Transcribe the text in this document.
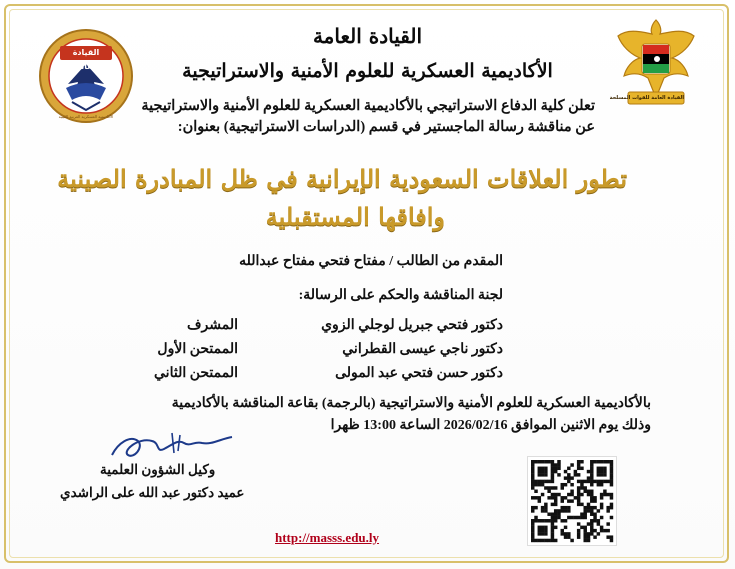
القيادة العامة
الأكاديمية العسكرية العربية الليبية
القيادة العامة للقوات المسلحة
القيادة العامة
الأكاديمية العسكرية للعلوم الأمنية والاستراتيجية
تعلن كلية الدفاع الاستراتيجي بالأكاديمية العسكرية للعلوم الأمنية والاستراتيجية
عن مناقشة رسالة الماجستير في قسم (الدراسات الاستراتيجية) بعنوان:
تطور العلاقات السعودية الإيرانية في ظل المبادرة الصينية
وافاقها المستقبلية
المقدم من الطالب / مفتاح فتحي مفتاح عبدالله
لجنة المناقشة والحكم على الرسالة:
دكتور فتحي جبريل لوجلي الزوي
المشرف
دكتور ناجي عيسى القطراني
الممتحن الأول
دكتور حسن فتحي عبد المولى
الممتحن الثاني
بالأكاديمية العسكرية للعلوم الأمنية والاستراتيجية (بالرجمة) بقاعة المناقشة بالأكاديمية
وذلك يوم الاثنين الموافق 2026/02/16 الساعة 13:00 ظهرا
وكيل الشؤون العلمية
عميد دكتور عبد الله على الراشدي
http://masss.edu.ly
